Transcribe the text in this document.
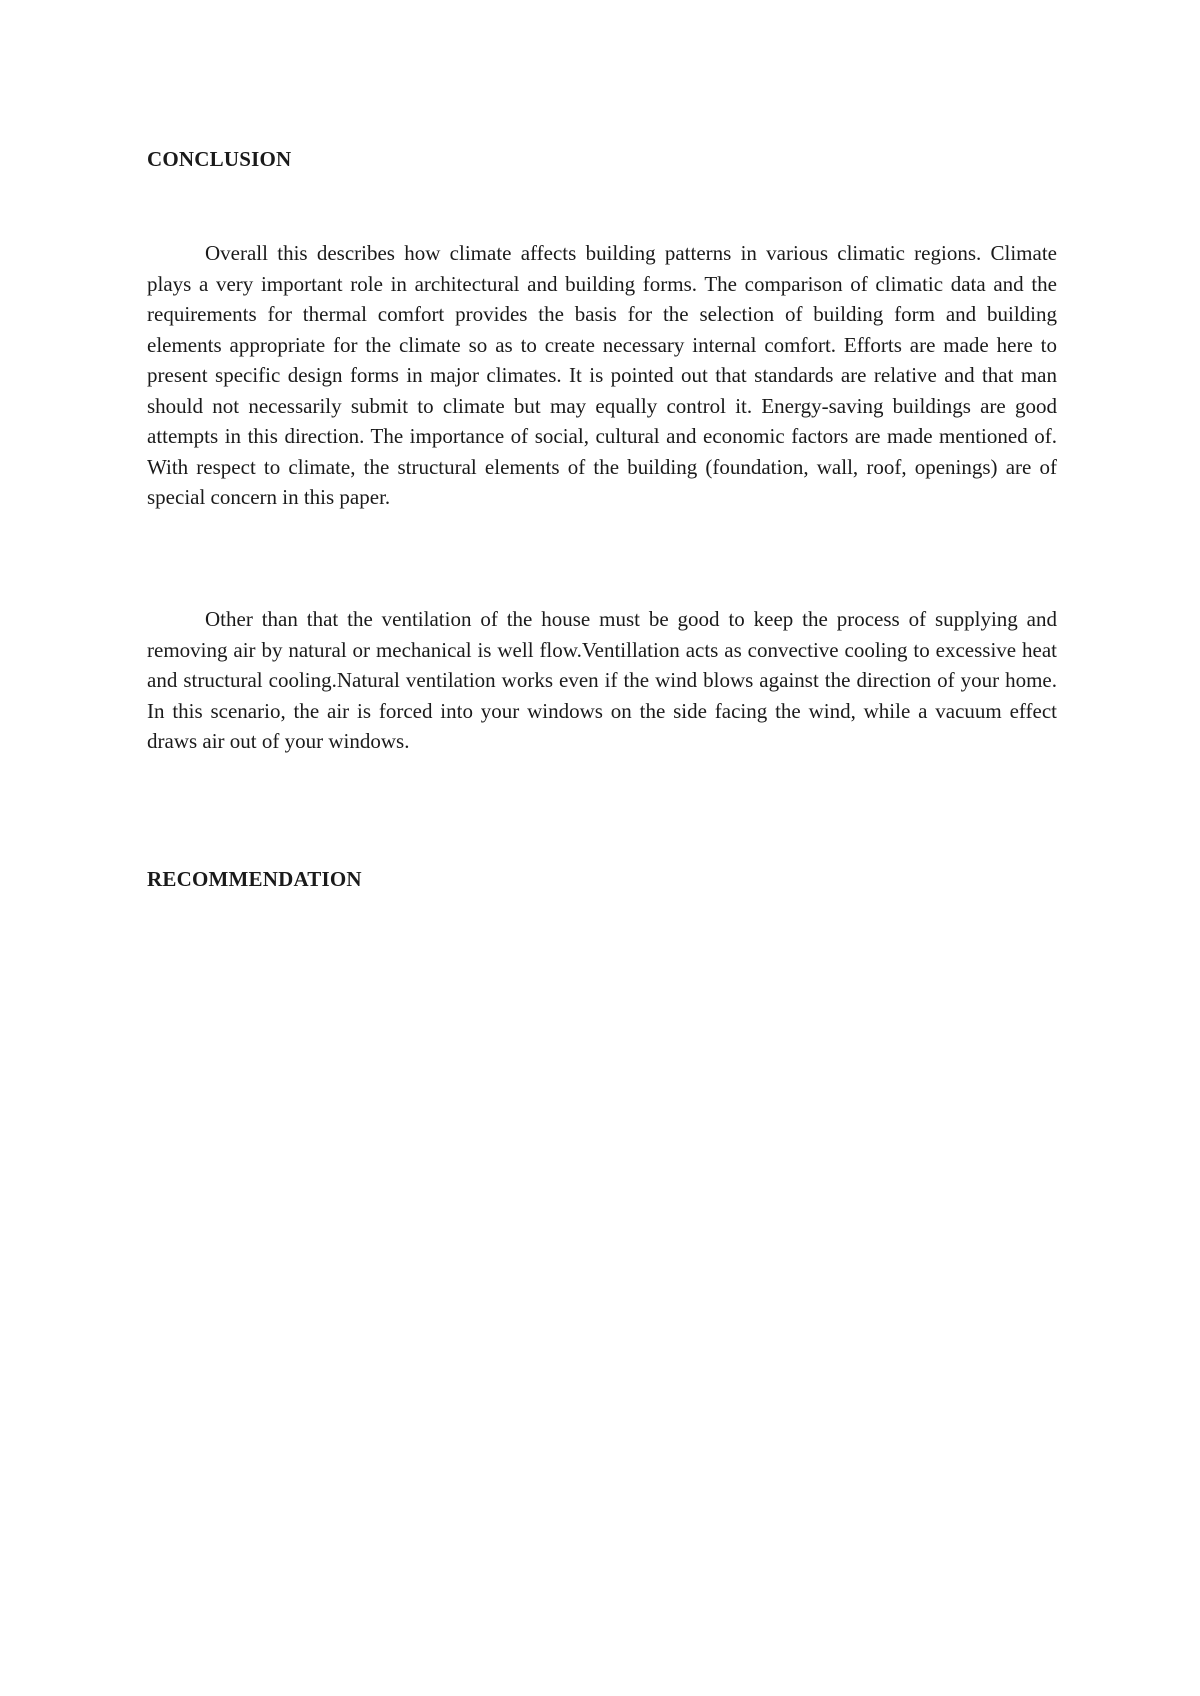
CONCLUSION

Overall this describes how climate affects building patterns in various climatic regions. Climate plays a very important role in architectural and building forms. The comparison of climatic data and the requirements for thermal comfort provides the basis for the selection of building form and building elements appropriate for the climate so as to create necessary internal comfort. Efforts are made here to present specific design forms in major climates. It is pointed out that standards are relative and that man should not necessarily submit to climate but may equally control it. Energy-saving buildings are good attempts in this direction. The importance of social, cultural and economic factors are made mentioned of. With respect to climate, the structural elements of the building (foundation, wall, roof, openings) are of special concern in this paper.

Other than that the ventilation of the house must be good to keep the process of supplying and removing air by natural or mechanical is well flow.Ventillation acts as convective cooling to excessive heat and structural cooling.Natural ventilation works even if the wind blows against the direction of your home. In this scenario, the air is forced into your windows on the side facing the wind, while a vacuum effect draws air out of your windows.

RECOMMENDATION
